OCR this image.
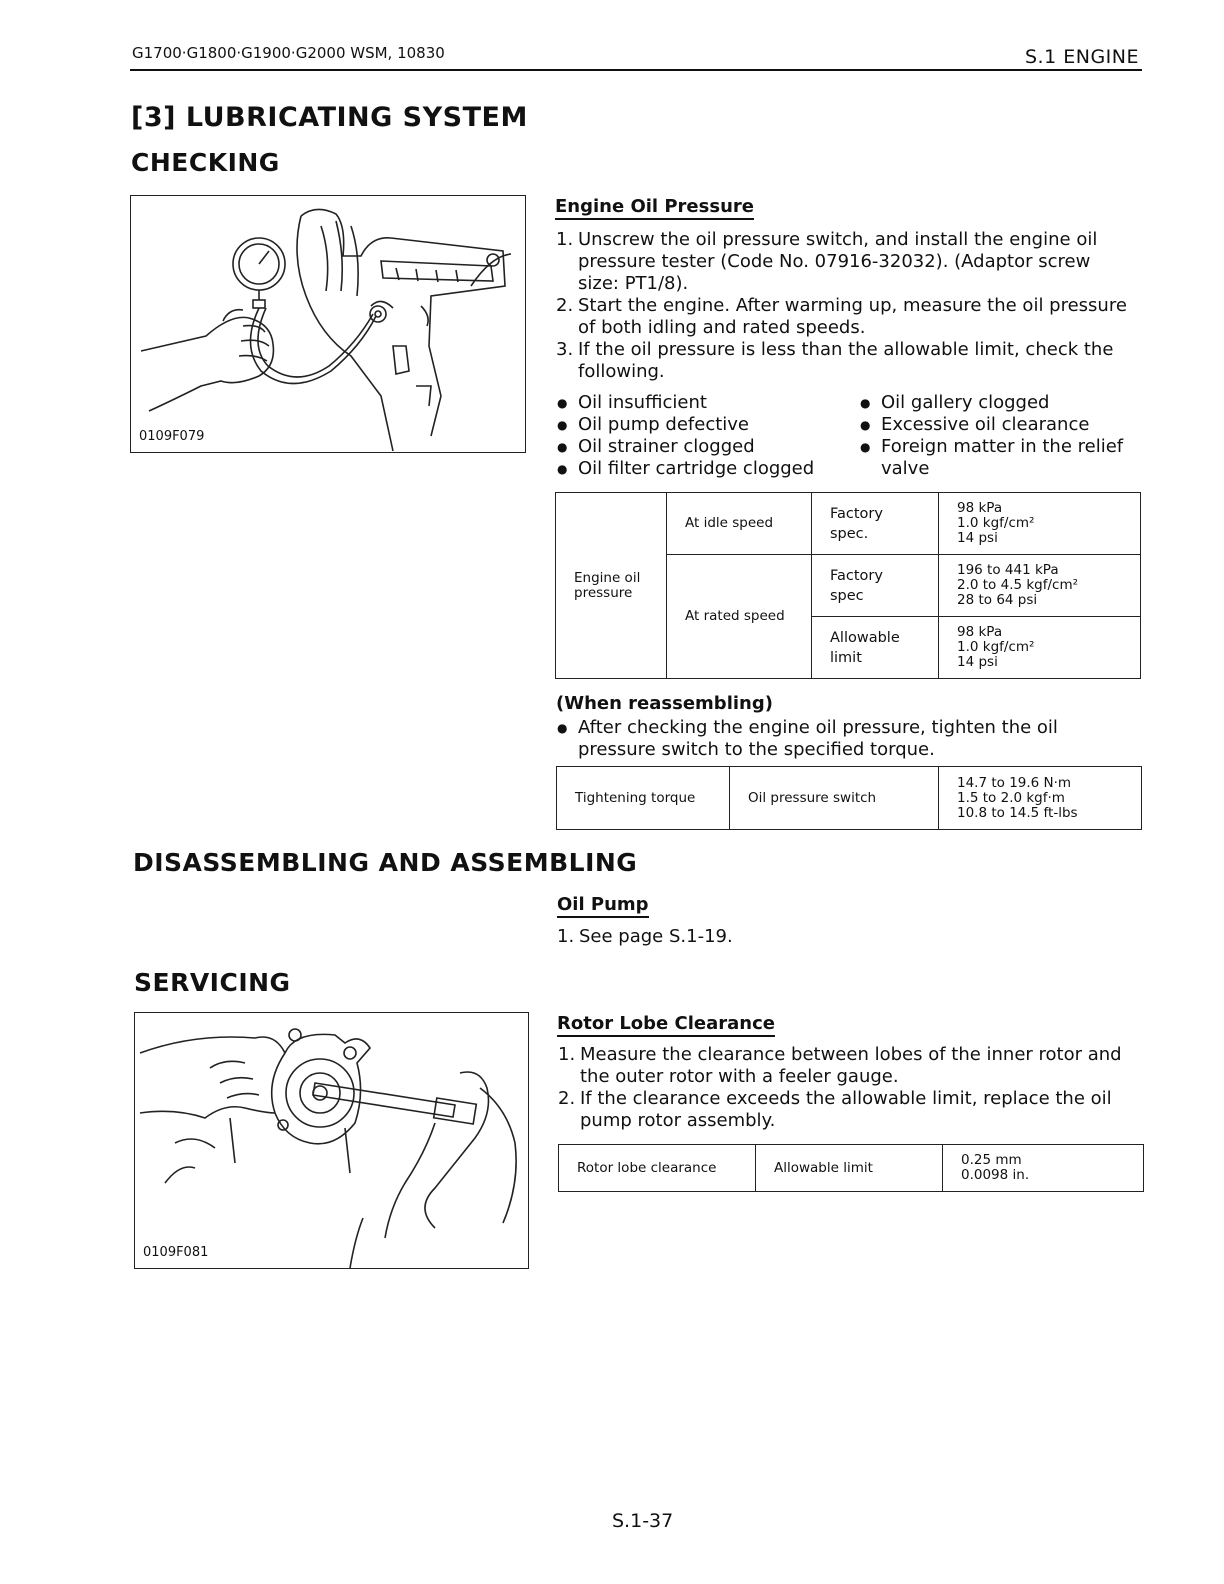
G1700·G1800·G1900·G2000 WSM, 10830	S.1 ENGINE
[3] LUBRICATING SYSTEM
CHECKING
0109F079
Engine Oil Pressure
1. Unscrew the oil pressure switch, and install the engine oil pressure tester (Code No. 07916-32032). (Adaptor screw size: PT1/8).
2. Start the engine. After warming up, measure the oil pressure of both idling and rated speeds.
3. If the oil pressure is less than the allowable limit, check the following.
● Oil insufficient
● Oil pump defective
● Oil strainer clogged
● Oil filter cartridge clogged
● Oil gallery clogged
● Excessive oil clearance
● Foreign matter in the relief valve
Engine oil pressure	At idle speed	Factory spec.	98 kPa
1.0 kgf/cm²
14 psi

	At rated speed	Factory spec	196 to 441 kPa
2.0 to 4.5 kgf/cm²
28 to 64 psi

		Allowable limit	98 kPa
1.0 kgf/cm²
14 psi
(When reassembling)
● After checking the engine oil pressure, tighten the oil pressure switch to the specified torque.
Tightening torque	Oil pressure switch	
14.7 to 19.6 N·m
1.5 to 2.0 kgf·m
10.8 to 14.5 ft-lbs
DISASSEMBLING AND ASSEMBLING
Oil Pump
1. See page S.1-19.
SERVICING
0109F081
Rotor Lobe Clearance
1. Measure the clearance between lobes of the inner rotor and the outer rotor with a feeler gauge.
2. If the clearance exceeds the allowable limit, replace the oil pump rotor assembly.
Rotor lobe clearance	Allowable limit	0.25 mm
0.0098 in.
S.1-37
